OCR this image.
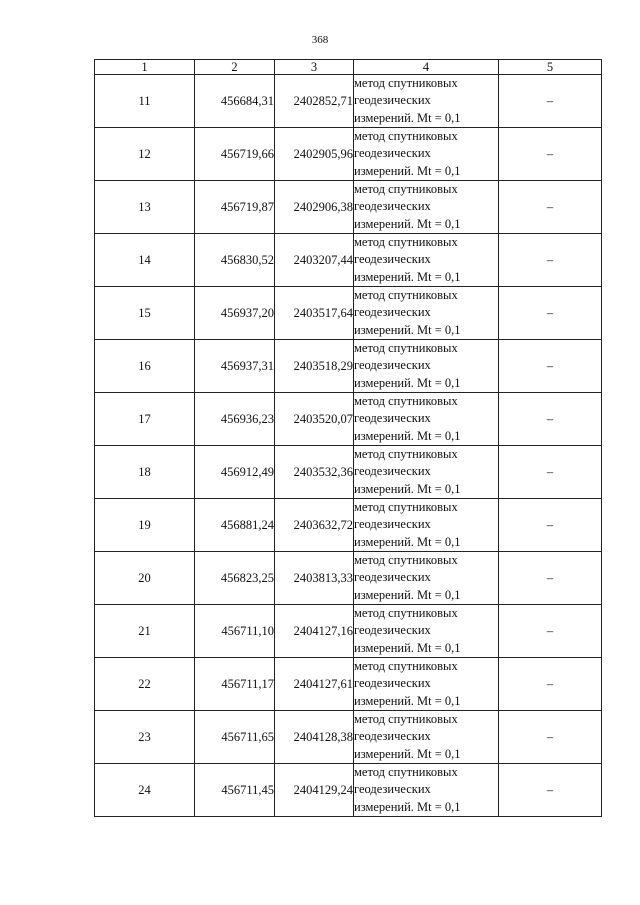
368
1	2	3	4	5
11	456684,31	2402852,71	метод спутниковых
геодезических
измерений. Mt = 0,1	–
12	456719,66	2402905,96	метод спутниковых
геодезических
измерений. Mt = 0,1	–
13	456719,87	2402906,38	метод спутниковых
геодезических
измерений. Mt = 0,1	–
14	456830,52	2403207,44	метод спутниковых
геодезических
измерений. Mt = 0,1	–
15	456937,20	2403517,64	метод спутниковых
геодезических
измерений. Mt = 0,1	–
16	456937,31	2403518,29	метод спутниковых
геодезических
измерений. Mt = 0,1	–
17	456936,23	2403520,07	метод спутниковых
геодезических
измерений. Mt = 0,1	–
18	456912,49	2403532,36	метод спутниковых
геодезических
измерений. Mt = 0,1	–
19	456881,24	2403632,72	метод спутниковых
геодезических
измерений. Mt = 0,1	–
20	456823,25	2403813,33	метод спутниковых
геодезических
измерений. Mt = 0,1	–
21	456711,10	2404127,16	метод спутниковых
геодезических
измерений. Mt = 0,1	–
22	456711,17	2404127,61	метод спутниковых
геодезических
измерений. Mt = 0,1	–
23	456711,65	2404128,38	метод спутниковых
геодезических
измерений. Mt = 0,1	–
24	456711,45	2404129,24	метод спутниковых
геодезических
измерений. Mt = 0,1	–
